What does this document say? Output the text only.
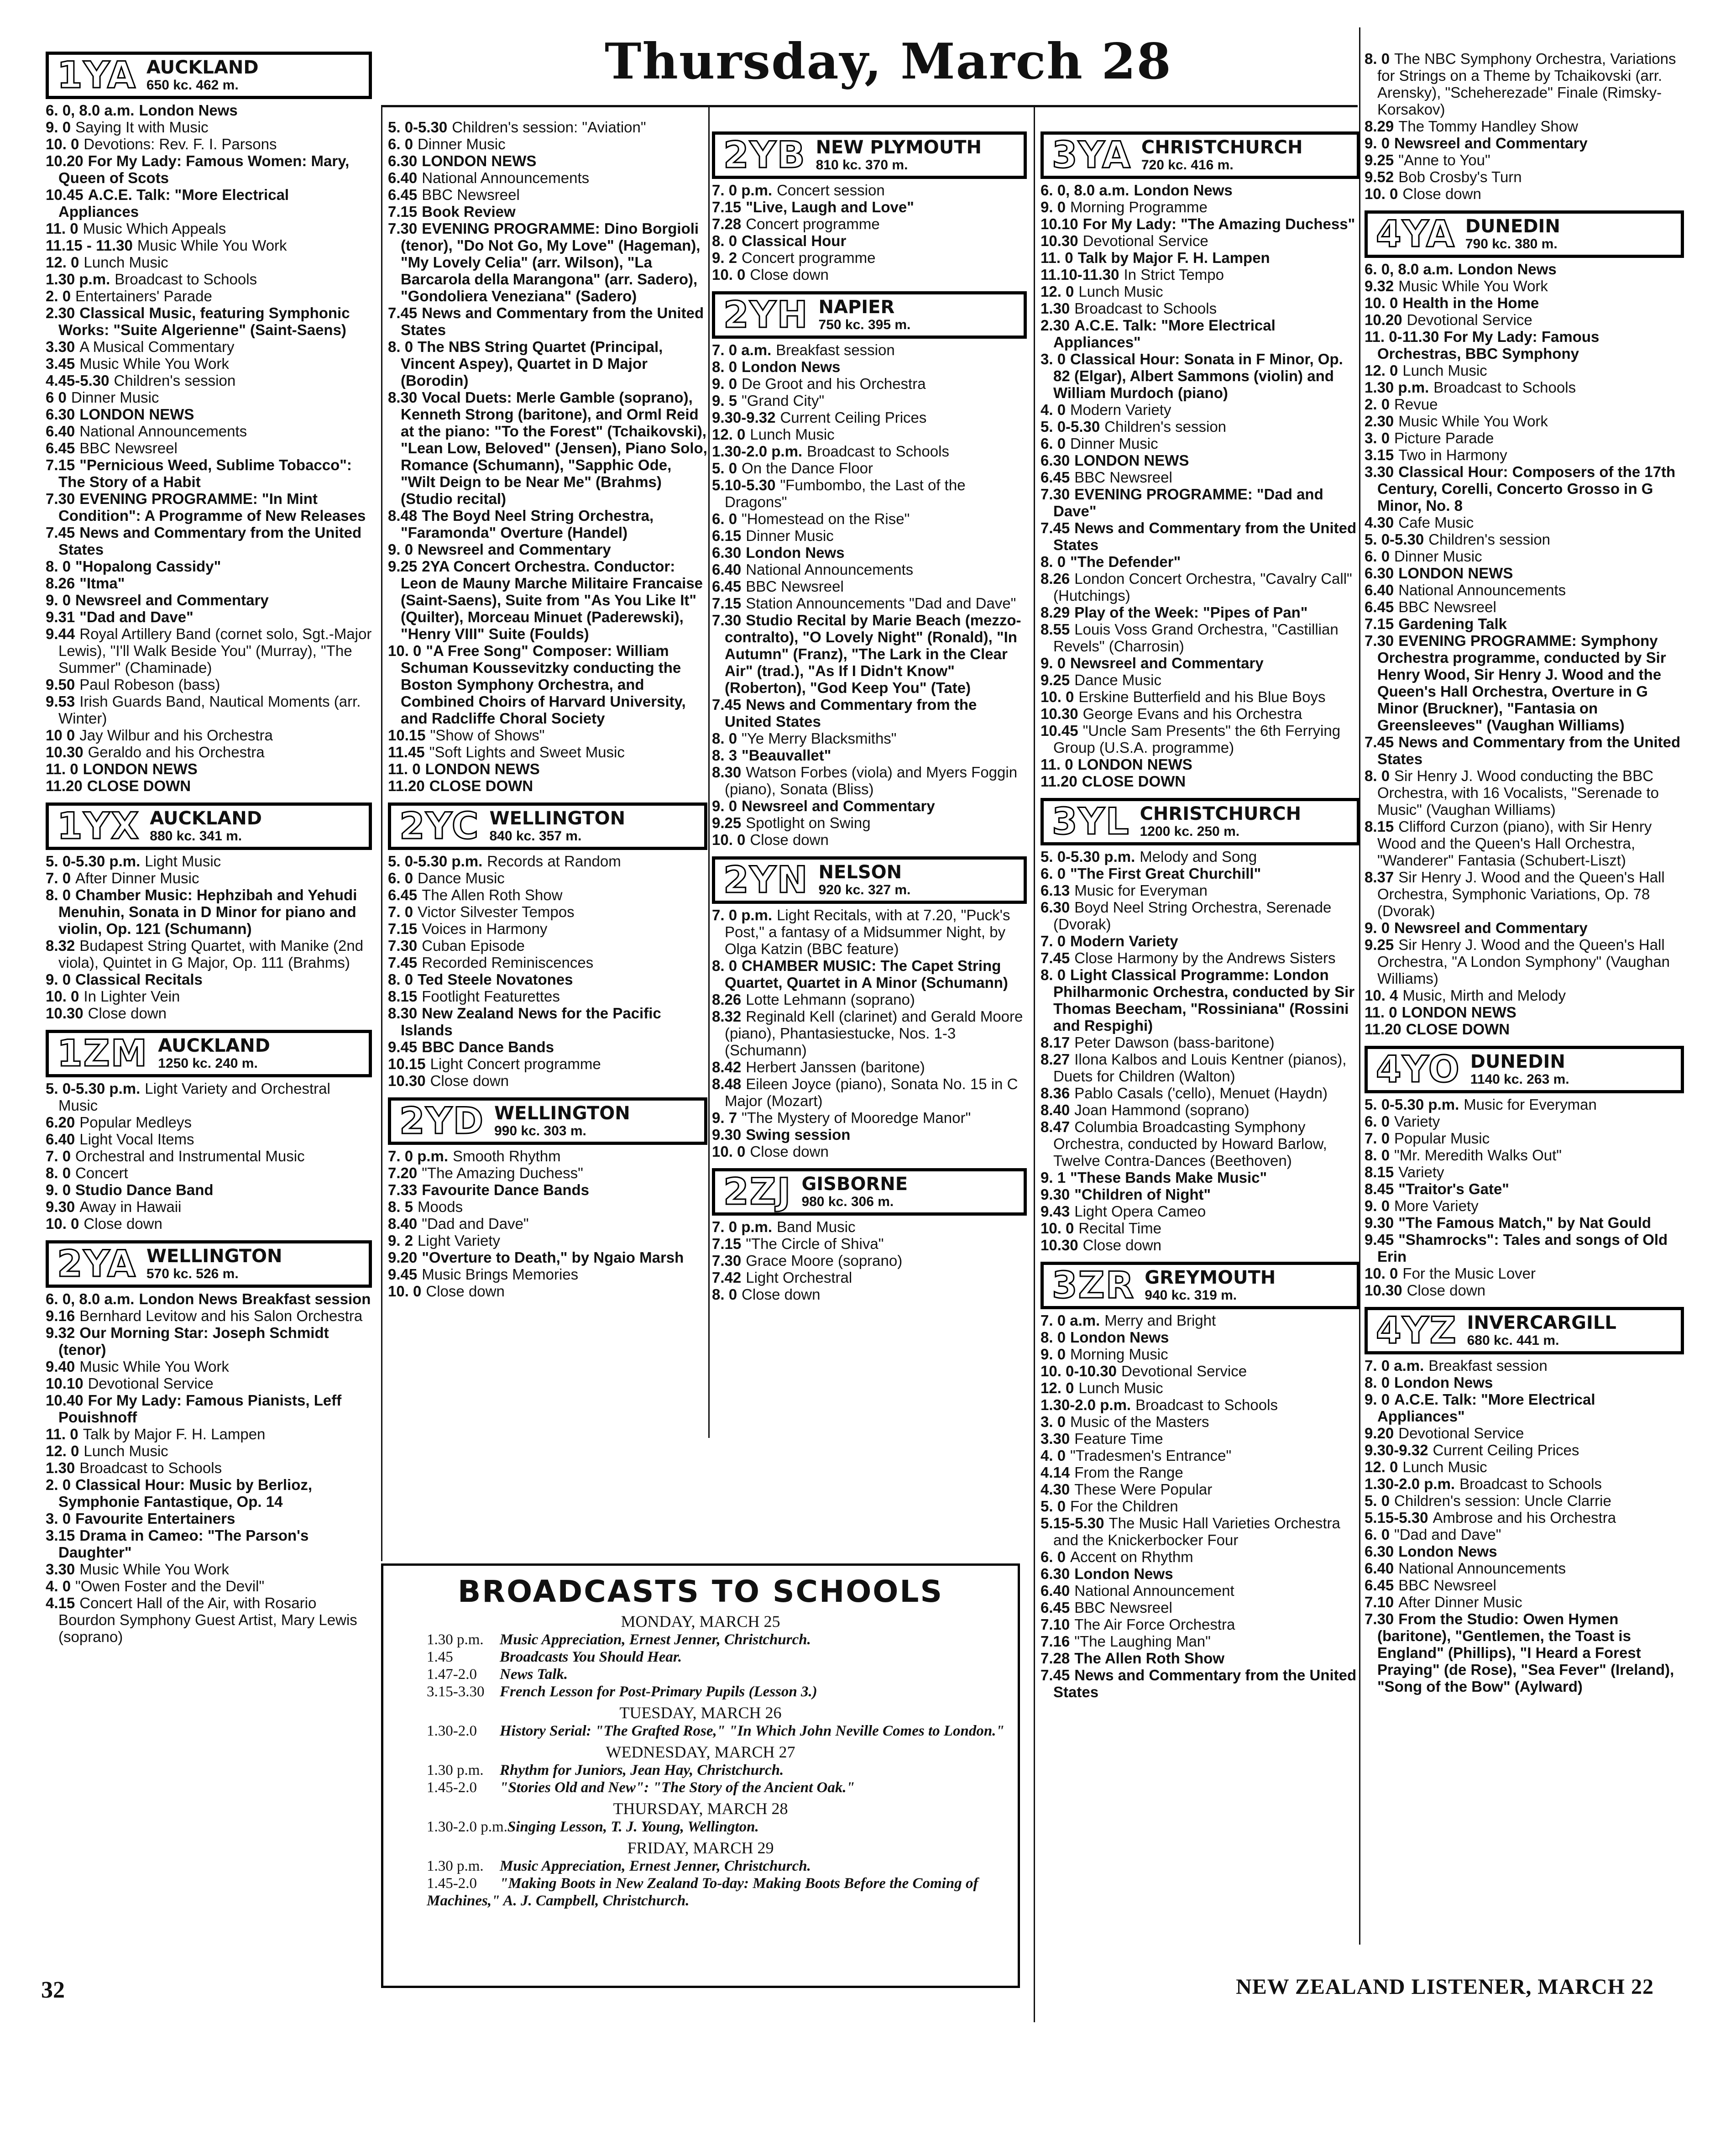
Thursday, March 28
1YA AUCKLAND
650 kc. 462 m.
6. 0, 8.0 a.m. London News
9. 0 Saying It with Music
10. 0 Devotions: Rev. F. I. Parsons
10.20 For My Lady: Famous Women: Mary, Queen of Scots
10.45 A.C.E. Talk: "More Electrical Appliances
11. 0 Music Which Appeals
11.15 - 11.30 Music While You Work
12. 0 Lunch Music
1.30 p.m. Broadcast to Schools
2. 0 Entertainers' Parade
2.30 Classical Music, featuring Symphonic Works: "Suite Algerienne" (Saint-Saens)
3.30 A Musical Commentary
3.45 Music While You Work
4.45-5.30 Children's session
6 0 Dinner Music
6.30 LONDON NEWS
6.40 National Announcements
6.45 BBC Newsreel
7.15 "Pernicious Weed, Sublime Tobacco": The Story of a Habit
7.30 EVENING PROGRAMME: "In Mint Condition": A Programme of New Releases
7.45 News and Commentary from the United States
8. 0 "Hopalong Cassidy"
8.26 "Itma"
9. 0 Newsreel and Commentary
9.31 "Dad and Dave"
9.44 Royal Artillery Band (cornet solo, Sgt.-Major Lewis), "I'll Walk Beside You" (Murray), "The Summer" (Chaminade)
9.50 Paul Robeson (bass)
9.53 Irish Guards Band, Nautical Moments (arr. Winter)
10 0 Jay Wilbur and his Orchestra
10.30 Geraldo and his Orchestra
11. 0 LONDON NEWS
11.20 CLOSE DOWN
1YX AUCKLAND
880 kc. 341 m.
5. 0-5.30 p.m. Light Music
7. 0 After Dinner Music
8. 0 Chamber Music: Hephzibah and Yehudi Menuhin, Sonata in D Minor for piano and violin, Op. 121 (Schumann)
8.32 Budapest String Quartet, with Manike (2nd viola), Quintet in G Major, Op. 111 (Brahms)
9. 0 Classical Recitals
10. 0 In Lighter Vein
10.30 Close down
1ZM AUCKLAND
1250 kc. 240 m.
5. 0-5.30 p.m. Light Variety and Orchestral Music
6.20 Popular Medleys
6.40 Light Vocal Items
7. 0 Orchestral and Instrumental Music
8. 0 Concert
9. 0 Studio Dance Band
9.30 Away in Hawaii
10. 0 Close down
2YA WELLINGTON
570 kc. 526 m.
6. 0, 8.0 a.m. London News Breakfast session
9.16 Bernhard Levitow and his Salon Orchestra
9.32 Our Morning Star: Joseph Schmidt (tenor)
9.40 Music While You Work
10.10 Devotional Service
10.40 For My Lady: Famous Pianists, Leff Pouishnoff
11. 0 Talk by Major F. H. Lampen
12. 0 Lunch Music
1.30 Broadcast to Schools
2. 0 Classical Hour: Music by Berlioz, Symphonie Fantastique, Op. 14
3. 0 Favourite Entertainers
3.15 Drama in Cameo: "The Parson's Daughter"
3.30 Music While You Work
4. 0 "Owen Foster and the Devil"
4.15 Concert Hall of the Air, with Rosario Bourdon Symphony Guest Artist, Mary Lewis (soprano)
5. 0-5.30 Children's session: "Aviation"
6. 0 Dinner Music
6.30 LONDON NEWS
6.40 National Announcements
6.45 BBC Newsreel
7.15 Book Review
7.30 EVENING PROGRAMME: Dino Borgioli (tenor), "Do Not Go, My Love" (Hageman), "My Lovely Celia" (arr. Wilson), "La Barcarola della Marangona" (arr. Sadero), "Gondoliera Veneziana" (Sadero)
7.45 News and Commentary from the United States
8. 0 The NBS String Quartet (Principal, Vincent Aspey), Quartet in D Major (Borodin)
8.30 Vocal Duets: Merle Gamble (soprano), Kenneth Strong (baritone), and Orml Reid at the piano: "To the Forest" (Tchaikovski), "Lean Low, Beloved" (Jensen), Piano Solo, Romance (Schumann), "Sapphic Ode, "Wilt Deign to be Near Me" (Brahms) (Studio recital)
8.48 The Boyd Neel String Orchestra, "Faramonda" Overture (Handel)
9. 0 Newsreel and Commentary
9.25 2YA Concert Orchestra. Conductor: Leon de Mauny Marche Militaire Francaise (Saint-Saens), Suite from "As You Like It" (Quilter), Morceau Minuet (Paderewski), "Henry VIII" Suite (Foulds)
10. 0 "A Free Song" Composer: William Schuman Koussevitzky conducting the Boston Symphony Orchestra, and Combined Choirs of Harvard University, and Radcliffe Choral Society
10.15 "Show of Shows"
11.45 "Soft Lights and Sweet Music
11. 0 LONDON NEWS
11.20 CLOSE DOWN
2YC WELLINGTON
840 kc. 357 m.
5. 0-5.30 p.m. Records at Random
6. 0 Dance Music
6.45 The Allen Roth Show
7. 0 Victor Silvester Tempos
7.15 Voices in Harmony
7.30 Cuban Episode
7.45 Recorded Reminiscences
8. 0 Ted Steele Novatones
8.15 Footlight Featurettes
8.30 New Zealand News for the Pacific Islands
9.45 BBC Dance Bands
10.15 Light Concert programme
10.30 Close down
2YD WELLINGTON
990 kc. 303 m.
7. 0 p.m. Smooth Rhythm
7.20 "The Amazing Duchess"
7.33 Favourite Dance Bands
8. 5 Moods
8.40 "Dad and Dave"
9. 2 Light Variety
9.20 "Overture to Death," by Ngaio Marsh
9.45 Music Brings Memories
10. 0 Close down
2YB NEW PLYMOUTH
810 kc. 370 m.
7. 0 p.m. Concert session
7.15 "Live, Laugh and Love"
7.28 Concert programme
8. 0 Classical Hour
9. 2 Concert programme
10. 0 Close down
2YH NAPIER
750 kc. 395 m.
7. 0 a.m. Breakfast session
8. 0 London News
9. 0 De Groot and his Orchestra
9. 5 "Grand City"
9.30-9.32 Current Ceiling Prices
12. 0 Lunch Music
1.30-2.0 p.m. Broadcast to Schools
5. 0 On the Dance Floor
5.10-5.30 "Fumbombo, the Last of the Dragons"
6. 0 "Homestead on the Rise"
6.15 Dinner Music
6.30 London News
6.40 National Announcements
6.45 BBC Newsreel
7.15 Station Announcements "Dad and Dave"
7.30 Studio Recital by Marie Beach (mezzo-contralto), "O Lovely Night" (Ronald), "In Autumn" (Franz), "The Lark in the Clear Air" (trad.), "As If I Didn't Know" (Roberton), "God Keep You" (Tate)
7.45 News and Commentary from the United States
8. 0 "Ye Merry Blacksmiths"
8. 3 "Beauvallet"
8.30 Watson Forbes (viola) and Myers Foggin (piano), Sonata (Bliss)
9. 0 Newsreel and Commentary
9.25 Spotlight on Swing
10. 0 Close down
2YN NELSON
920 kc. 327 m.
7. 0 p.m. Light Recitals, with at 7.20, "Puck's Post," a fantasy of a Midsummer Night, by Olga Katzin (BBC feature)
8. 0 CHAMBER MUSIC: The Capet String Quartet, Quartet in A Minor (Schumann)
8.26 Lotte Lehmann (soprano)
8.32 Reginald Kell (clarinet) and Gerald Moore (piano), Phantasiestucke, Nos. 1-3 (Schumann)
8.42 Herbert Janssen (baritone)
8.48 Eileen Joyce (piano), Sonata No. 15 in C Major (Mozart)
9. 7 "The Mystery of Mooredge Manor"
9.30 Swing session
10. 0 Close down
2ZJ GISBORNE
980 kc. 306 m.
7. 0 p.m. Band Music
7.15 "The Circle of Shiva"
7.30 Grace Moore (soprano)
7.42 Light Orchestral
8. 0 Close down
3YA CHRISTCHURCH
720 kc. 416 m.
6. 0, 8.0 a.m. London News
9. 0 Morning Programme
10.10 For My Lady: "The Amazing Duchess"
10.30 Devotional Service
11. 0 Talk by Major F. H. Lampen
11.10-11.30 In Strict Tempo
12. 0 Lunch Music
1.30 Broadcast to Schools
2.30 A.C.E. Talk: "More Electrical Appliances"
3. 0 Classical Hour: Sonata in F Minor, Op. 82 (Elgar), Albert Sammons (violin) and William Murdoch (piano)
4. 0 Modern Variety
5. 0-5.30 Children's session
6. 0 Dinner Music
6.30 LONDON NEWS
6.45 BBC Newsreel
7.30 EVENING PROGRAMME: "Dad and Dave"
7.45 News and Commentary from the United States
8. 0 "The Defender"
8.26 London Concert Orchestra, "Cavalry Call" (Hutchings)
8.29 Play of the Week: "Pipes of Pan"
8.55 Louis Voss Grand Orchestra, "Castillian Revels" (Charrosin)
9. 0 Newsreel and Commentary
9.25 Dance Music
10. 0 Erskine Butterfield and his Blue Boys
10.30 George Evans and his Orchestra
10.45 "Uncle Sam Presents" the 6th Ferrying Group (U.S.A. programme)
11. 0 LONDON NEWS
11.20 CLOSE DOWN
3YL CHRISTCHURCH
1200 kc. 250 m.
5. 0-5.30 p.m. Melody and Song
6. 0 "The First Great Churchill"
6.13 Music for Everyman
6.30 Boyd Neel String Orchestra, Serenade (Dvorak)
7. 0 Modern Variety
7.45 Close Harmony by the Andrews Sisters
8. 0 Light Classical Programme: London Philharmonic Orchestra, conducted by Sir Thomas Beecham, "Rossiniana" (Rossini and Respighi)
8.17 Peter Dawson (bass-baritone)
8.27 Ilona Kalbos and Louis Kentner (pianos), Duets for Children (Walton)
8.36 Pablo Casals ('cello), Menuet (Haydn)
8.40 Joan Hammond (soprano)
8.47 Columbia Broadcasting Symphony Orchestra, conducted by Howard Barlow, Twelve Contra-Dances (Beethoven)
9. 1 "These Bands Make Music"
9.30 "Children of Night"
9.43 Light Opera Cameo
10. 0 Recital Time
10.30 Close down
3ZR GREYMOUTH
940 kc. 319 m.
7. 0 a.m. Merry and Bright
8. 0 London News
9. 0 Morning Music
10. 0-10.30 Devotional Service
12. 0 Lunch Music
1.30-2.0 p.m. Broadcast to Schools
3. 0 Music of the Masters
3.30 Feature Time
4. 0 "Tradesmen's Entrance"
4.14 From the Range
4.30 These Were Popular
5. 0 For the Children
5.15-5.30 The Music Hall Varieties Orchestra and the Knickerbocker Four
6. 0 Accent on Rhythm
6.30 London News
6.40 National Announcement
6.45 BBC Newsreel
7.10 The Air Force Orchestra
7.16 "The Laughing Man"
7.28 The Allen Roth Show
7.45 News and Commentary from the United States
8. 0 The NBC Symphony Orchestra, Variations for Strings on a Theme by Tchaikovski (arr. Arensky), "Scheherezade" Finale (Rimsky-Korsakov)
8.29 The Tommy Handley Show
9. 0 Newsreel and Commentary
9.25 "Anne to You"
9.52 Bob Crosby's Turn
10. 0 Close down
4YA DUNEDIN
790 kc. 380 m.
6. 0, 8.0 a.m. London News
9.32 Music While You Work
10. 0 Health in the Home
10.20 Devotional Service
11. 0-11.30 For My Lady: Famous Orchestras, BBC Symphony
12. 0 Lunch Music
1.30 p.m. Broadcast to Schools
2. 0 Revue
2.30 Music While You Work
3. 0 Picture Parade
3.15 Two in Harmony
3.30 Classical Hour: Composers of the 17th Century, Corelli, Concerto Grosso in G Minor, No. 8
4.30 Cafe Music
5. 0-5.30 Children's session
6. 0 Dinner Music
6.30 LONDON NEWS
6.40 National Announcements
6.45 BBC Newsreel
7.15 Gardening Talk
7.30 EVENING PROGRAMME: Symphony Orchestra programme, conducted by Sir Henry Wood, Sir Henry J. Wood and the Queen's Hall Orchestra, Overture in G Minor (Bruckner), "Fantasia on Greensleeves" (Vaughan Williams)
7.45 News and Commentary from the United States
8. 0 Sir Henry J. Wood conducting the BBC Orchestra, with 16 Vocalists, "Serenade to Music" (Vaughan Williams)
8.15 Clifford Curzon (piano), with Sir Henry Wood and the Queen's Hall Orchestra, "Wanderer" Fantasia (Schubert-Liszt)
8.37 Sir Henry J. Wood and the Queen's Hall Orchestra, Symphonic Variations, Op. 78 (Dvorak)
9. 0 Newsreel and Commentary
9.25 Sir Henry J. Wood and the Queen's Hall Orchestra, "A London Symphony" (Vaughan Williams)
10. 4 Music, Mirth and Melody
11. 0 LONDON NEWS
11.20 CLOSE DOWN
4YO DUNEDIN
1140 kc. 263 m.
5. 0-5.30 p.m. Music for Everyman
6. 0 Variety
7. 0 Popular Music
8. 0 "Mr. Meredith Walks Out"
8.15 Variety
8.45 "Traitor's Gate"
9. 0 More Variety
9.30 "The Famous Match," by Nat Gould
9.45 "Shamrocks": Tales and songs of Old Erin
10. 0 For the Music Lover
10.30 Close down
4YZ INVERCARGILL
680 kc. 441 m.
7. 0 a.m. Breakfast session
8. 0 London News
9. 0 A.C.E. Talk: "More Electrical Appliances"
9.20 Devotional Service
9.30-9.32 Current Ceiling Prices
12. 0 Lunch Music
1.30-2.0 p.m. Broadcast to Schools
5. 0 Children's session: Uncle Clarrie
5.15-5.30 Ambrose and his Orchestra
6. 0 "Dad and Dave"
6.30 London News
6.40 National Announcements
6.45 BBC Newsreel
7.10 After Dinner Music
7.30 From the Studio: Owen Hymen (baritone), "Gentlemen, the Toast is England" (Phillips), "I Heard a Forest Praying" (de Rose), "Sea Fever" (Ireland), "Song of the Bow" (Aylward)
BROADCASTS TO SCHOOLS
MONDAY, MARCH 25
1.30 p.m. Music Appreciation, Ernest Jenner, Christchurch.
1.45	Broadcasts You Should Hear.
1.47-2.0 News Talk.
3.15-3.30 French Lesson for Post-Primary Pupils (Lesson 3.)
TUESDAY, MARCH 26
1.30-2.0 History Serial: "The Grafted Rose," "In Which John Neville Comes to London."
WEDNESDAY, MARCH 27
1.30 p.m. Rhythm for Juniors, Jean Hay, Christchurch.
1.45-2.0 "Stories Old and New": "The Story of the Ancient Oak."
THURSDAY, MARCH 28
1.30-2.0 p.m.Singing Lesson, T. J. Young, Wellington.
FRIDAY, MARCH 29
1.30 p.m. Music Appreciation, Ernest Jenner, Christchurch.
1.45-2.0 "Making Boots in New Zealand To-day: Making Boots Before the Coming of Machines," A. J. Campbell, Christchurch.
32	NEW ZEALAND LISTENER, MARCH 22
